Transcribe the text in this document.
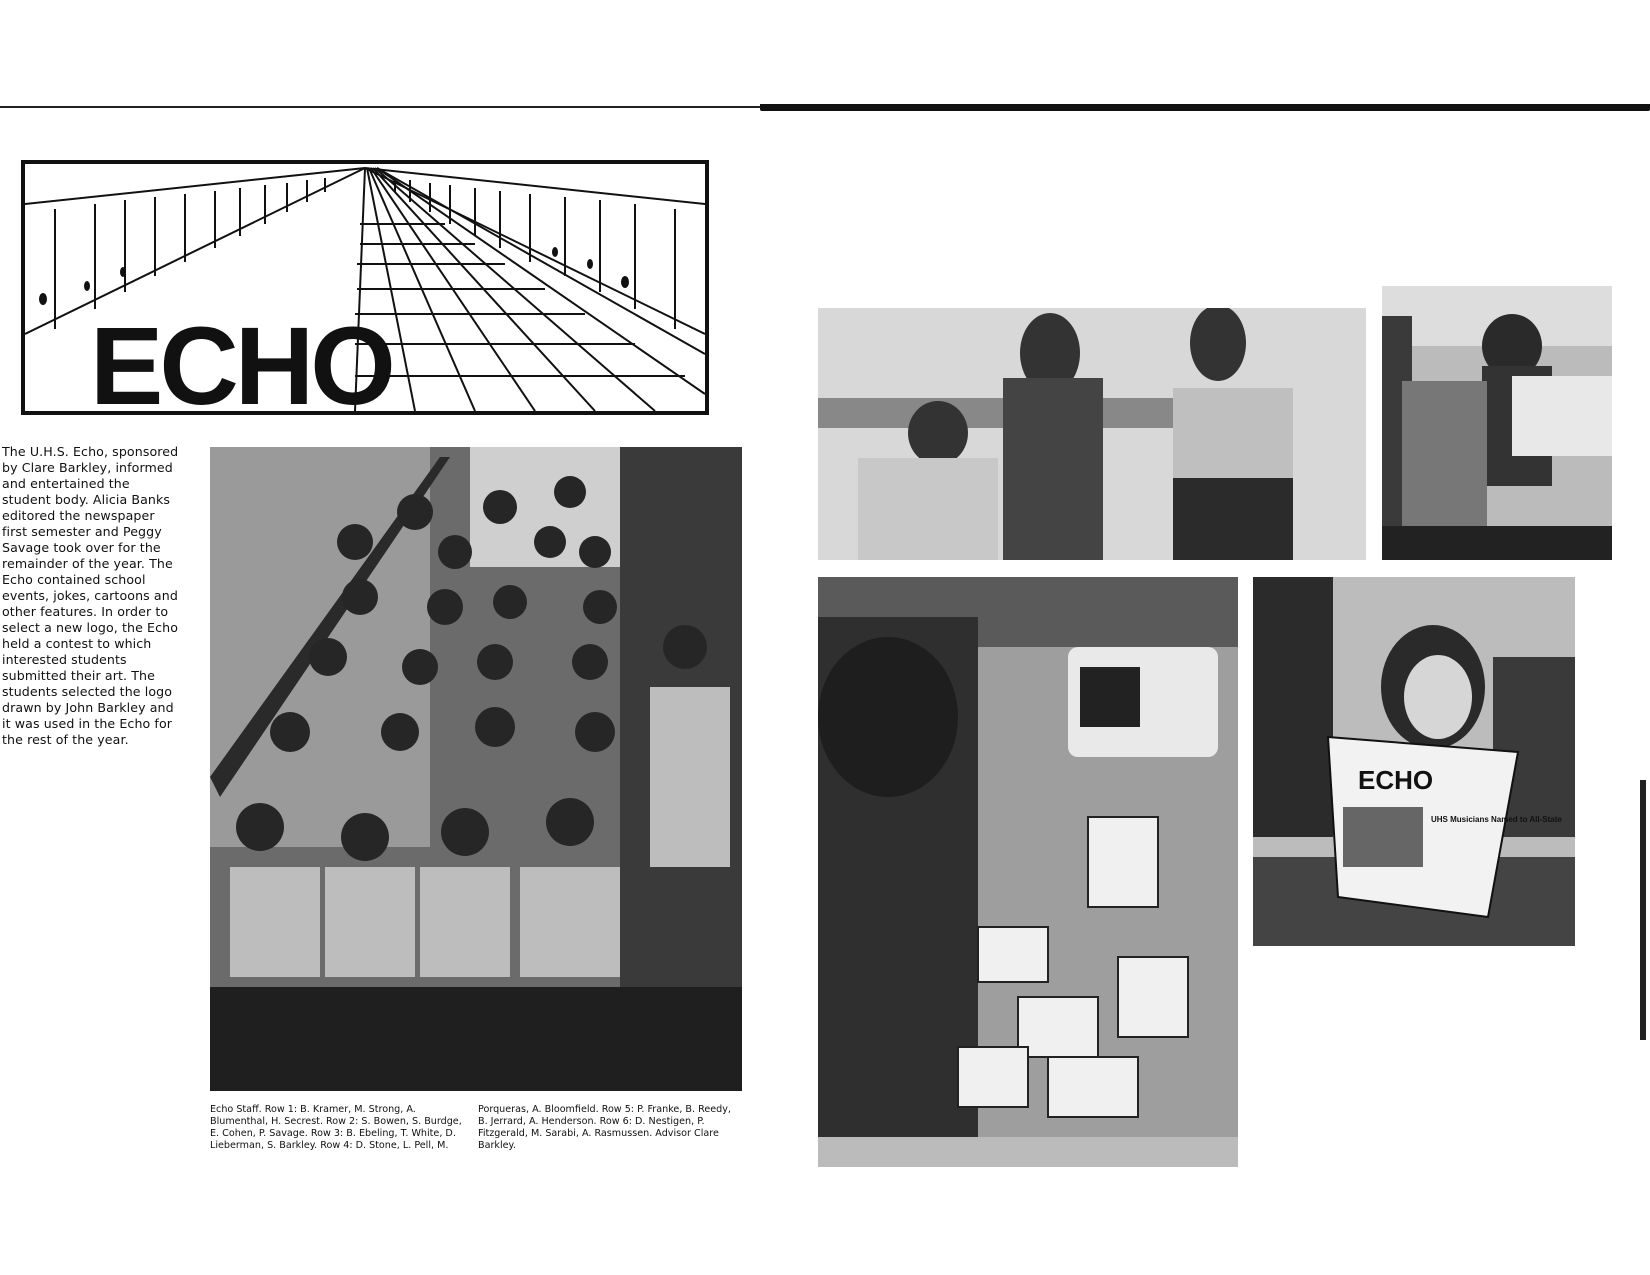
ECHO
The U.H.S. Echo, sponsored by Clare Barkley, informed and entertained the student body. Alicia Banks editored the newspaper first semester and Peggy Savage took over for the remainder of the year. The Echo contained school events, jokes, cartoons and other features. In order to select a new logo, the Echo held a contest to which interested students submitted their art. The students selected the logo drawn by John Barkley and it was used in the Echo for the rest of the year.
Echo Staff. Row 1: B. Kramer, M. Strong, A. Blumenthal, H. Secrest. Row 2: S. Bowen, S. Burdge, E. Cohen, P. Savage. Row 3: B. Ebeling, T. White, D. Lieberman, S. Barkley. Row 4: D. Stone, L. Pell, M.
Porqueras, A. Bloomfield. Row 5: P. Franke, B. Reedy, B. Jerrard, A. Henderson. Row 6: D. Nestigen, P. Fitzgerald, M. Sarabi, A. Rasmussen. Advisor Clare Barkley.
ECHO
UHS Musicians Named to All-State
